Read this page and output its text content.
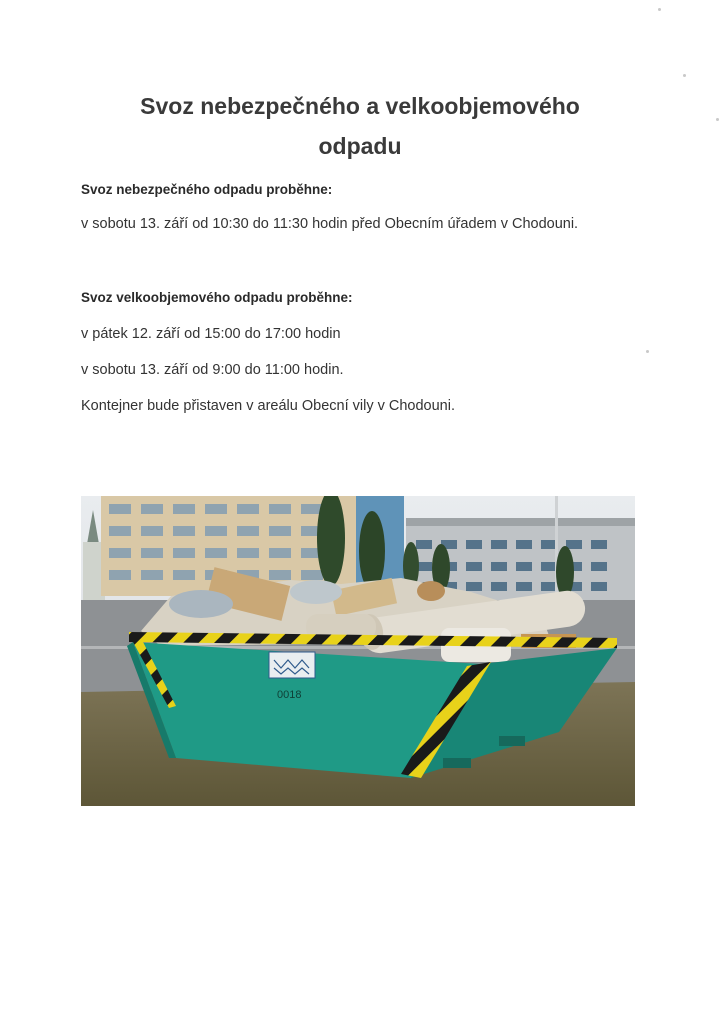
Svoz nebezpečného a velkoobjemového
odpadu
Svoz nebezpečného odpadu proběhne:
v sobotu 13. září od 10:30 do 11:30 hodin před Obecním úřadem v Chodouni.
Svoz velkoobjemového odpadu proběhne:
v pátek 12. září od 15:00 do 17:00 hodin
v sobotu 13. září od 9:00 do 11:00 hodin.
Kontejner bude přistaven v areálu Obecní vily v Chodouni.
0018
